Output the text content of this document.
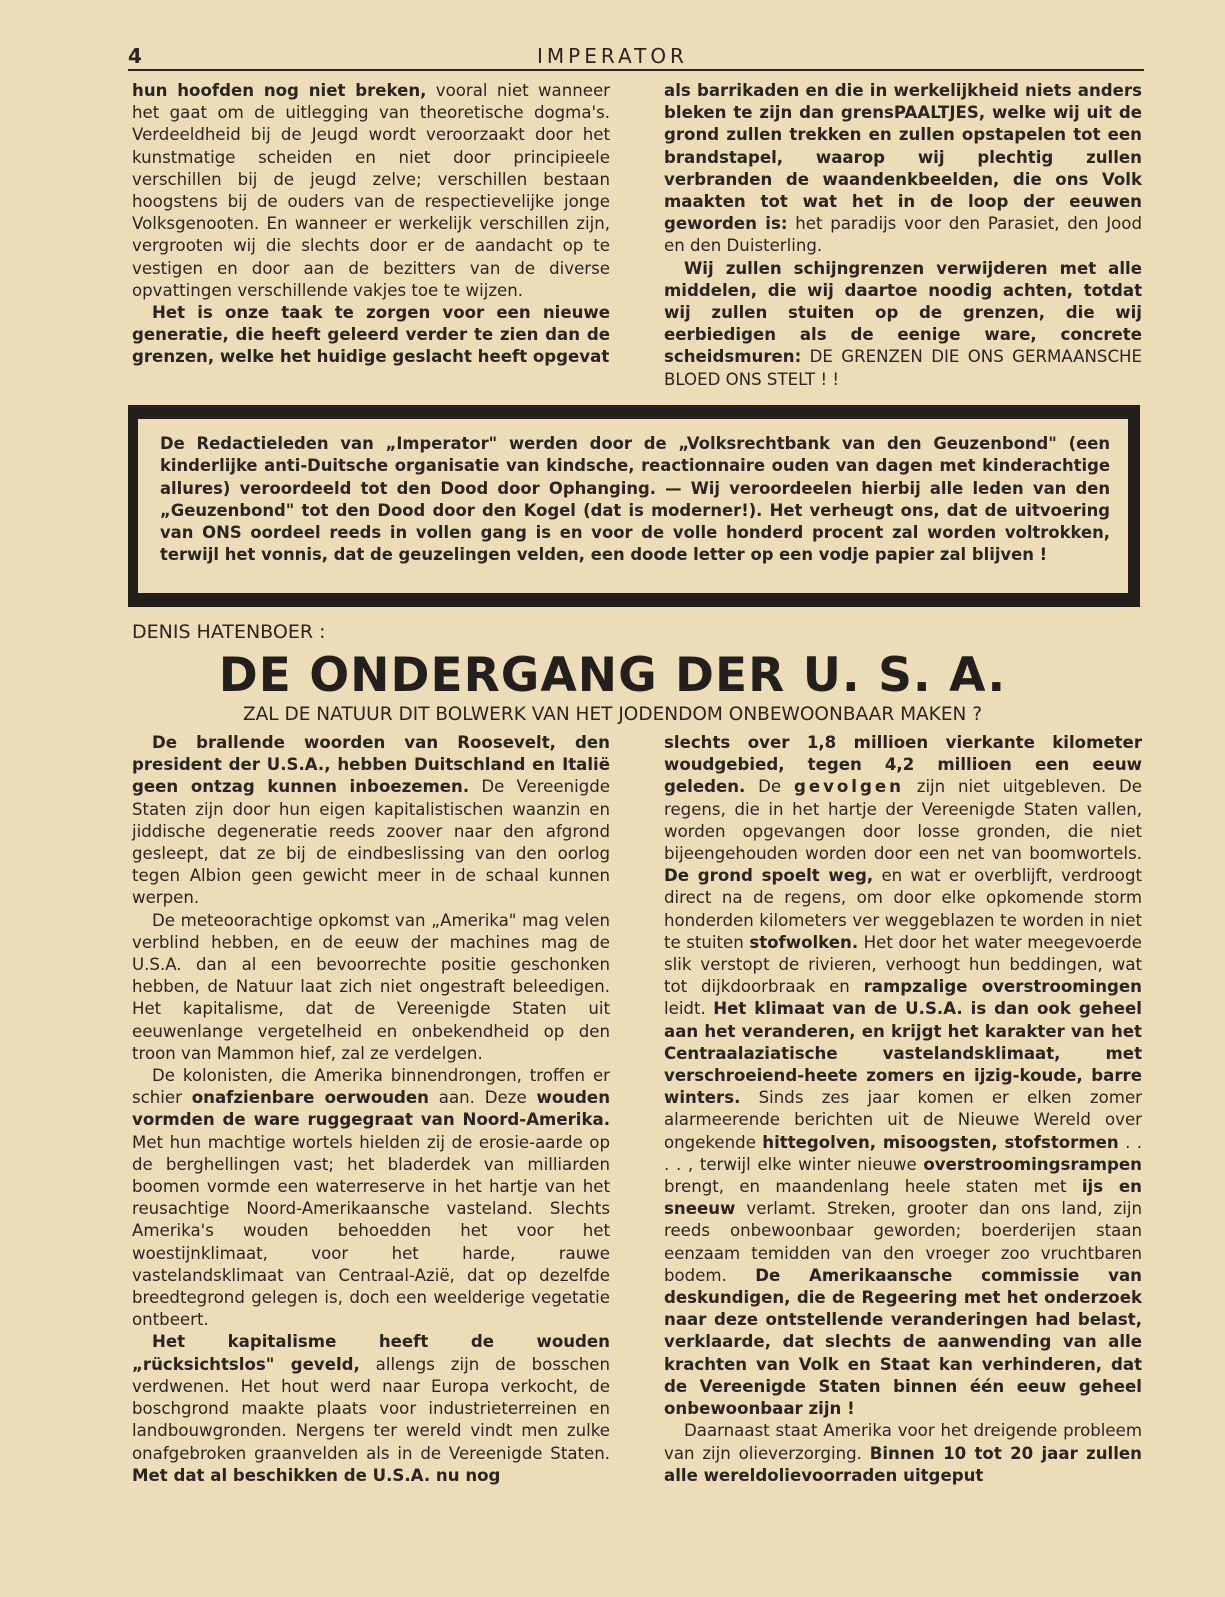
4	IMPERATOR

hun hoofden nog niet breken, vooral niet wanneer het gaat om de uitlegging van theoretische dogma's. Verdeeldheid bij de Jeugd wordt veroorzaakt door het kunstmatige scheiden en niet door principieele verschillen bij de jeugd zelve; verschillen bestaan hoogstens bij de ouders van de respectievelijke jonge Volksgenooten. En wanneer er werkelijk verschillen zijn, vergrooten wij die slechts door er de aandacht op te vestigen en door aan de bezitters van de diverse opvattingen verschillende vakjes toe te wijzen.

Het is onze taak te zorgen voor een nieuwe generatie, die heeft geleerd verder te zien dan de grenzen, welke het huidige geslacht heeft opgevat

als barrikaden en die in werkelijkheid niets anders bleken te zijn dan grensPAALTJES, welke wij uit de grond zullen trekken en zullen opstapelen tot een brandstapel, waarop wij plechtig zullen verbranden de waandenkbeelden, die ons Volk maakten tot wat het in de loop der eeuwen geworden is: het paradijs voor den Parasiet, den Jood en den Duisterling.

Wij zullen schijngrenzen verwijderen met alle middelen, die wij daartoe noodig achten, totdat wij zullen stuiten op de grenzen, die wij eerbiedigen als de eenige ware, concrete scheidsmuren: DE GRENZEN DIE ONS GERMAANSCHE BLOED ONS STELT ! !

De Redactieleden van „Imperator" werden door de „Volksrechtbank van den Geuzenbond" (een kinderlijke anti-Duitsche organisatie van kindsche, reactionnaire ouden van dagen met kinderachtige allures) veroordeeld tot den Dood door Ophanging. — Wij veroordeelen hierbij alle leden van den „Geuzenbond" tot den Dood door den Kogel (dat is moderner!). Het verheugt ons, dat de uitvoering van ONS oordeel reeds in vollen gang is en voor de volle honderd procent zal worden voltrokken, terwijl het vonnis, dat de geuzelingen velden, een doode letter op een vodje papier zal blijven !
DENIS HATENBOER :
DE ONDERGANG DER U. S. A.
ZAL DE NATUUR DIT BOLWERK VAN HET JODENDOM ONBEWOONBAAR MAKEN ?

De brallende woorden van Roosevelt, den president der U.S.A., hebben Duitschland en Italië geen ontzag kunnen inboezemen. De Vereenigde Staten zijn door hun eigen kapitalistischen waanzin en jiddische degeneratie reeds zoover naar den afgrond gesleept, dat ze bij de eindbeslissing van den oorlog tegen Albion geen gewicht meer in de schaal kunnen werpen.

De meteoorachtige opkomst van „Amerika" mag velen verblind hebben, en de eeuw der machines mag de U.S.A. dan al een bevoorrechte positie geschonken hebben, de Natuur laat zich niet ongestraft beleedigen. Het kapitalisme, dat de Vereenigde Staten uit eeuwenlange vergetelheid en onbekendheid op den troon van Mammon hief, zal ze verdelgen.

De kolonisten, die Amerika binnendrongen, troffen er schier onafzienbare oerwouden aan. Deze wouden vormden de ware ruggegraat van Noord-Amerika. Met hun machtige wortels hielden zij de erosie-aarde op de berghellingen vast; het bladerdek van milliarden boomen vormde een waterreserve in het hartje van het reusachtige Noord-Amerikaansche vasteland. Slechts Amerika's wouden behoedden het voor het woestijnklimaat, voor het harde, rauwe vastelandsklimaat van Centraal-Azië, dat op dezelfde breedtegrond gelegen is, doch een weelderige vegetatie ontbeert.

Het kapitalisme heeft de wouden „rücksichtslos" geveld, allengs zijn de bosschen verdwenen. Het hout werd naar Europa verkocht, de boschgrond maakte plaats voor industrieterreinen en landbouwgronden. Nergens ter wereld vindt men zulke onafgebroken graanvelden als in de Vereenigde Staten. Met dat al beschikken de U.S.A. nu nog

slechts over 1,8 millioen vierkante kilometer woudgebied, tegen 4,2 millioen een eeuw geleden. De gevolgen zijn niet uitgebleven. De regens, die in het hartje der Vereenigde Staten vallen, worden opgevangen door losse gronden, die niet bijeengehouden worden door een net van boomwortels. De grond spoelt weg, en wat er overblijft, verdroogt direct na de regens, om door elke opkomende storm honderden kilometers ver weggeblazen te worden in niet te stuiten stofwolken. Het door het water meegevoerde slik verstopt de rivieren, verhoogt hun beddingen, wat tot dijkdoorbraak en rampzalige overstroomingen leidt. Het klimaat van de U.S.A. is dan ook geheel aan het veranderen, en krijgt het karakter van het Centraalaziatische vastelandsklimaat, met verschroeiend-heete zomers en ijzig-koude, barre winters. Sinds zes jaar komen er elken zomer alarmeerende berichten uit de Nieuwe Wereld over ongekende hittegolven, misoogsten, stofstormen . . . . , terwijl elke winter nieuwe overstroomingsrampen brengt, en maandenlang heele staten met ijs en sneeuw verlamt. Streken, grooter dan ons land, zijn reeds onbewoonbaar geworden; boerderijen staan eenzaam temidden van den vroeger zoo vruchtbaren bodem. De Amerikaansche commissie van deskundigen, die de Regeering met het onderzoek naar deze ontstellende veranderingen had belast, verklaarde, dat slechts de aanwending van alle krachten van Volk en Staat kan verhinderen, dat de Vereenigde Staten binnen één eeuw geheel onbewoonbaar zijn !

Daarnaast staat Amerika voor het dreigende probleem van zijn olieverzorging. Binnen 10 tot 20 jaar zullen alle wereldolievoorraden uitgeput
